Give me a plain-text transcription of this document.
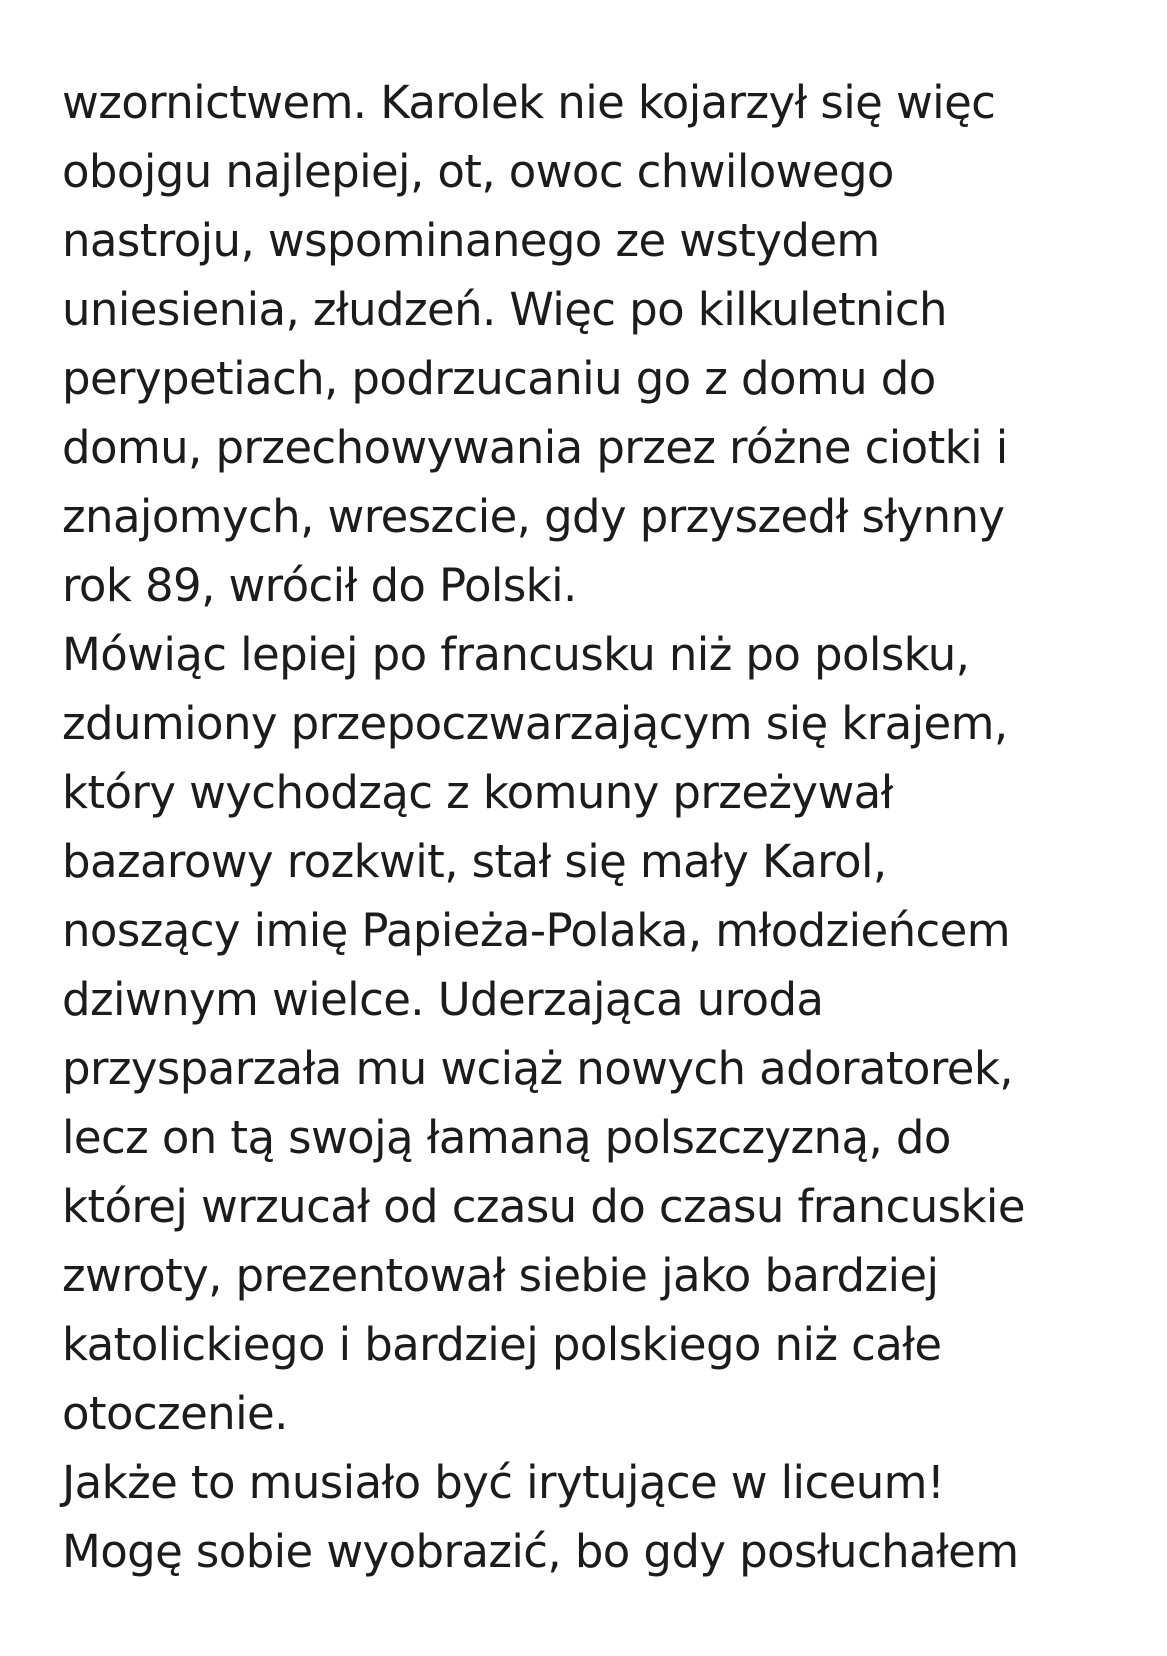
wzornictwem. Karolek nie kojarzył się więc
obojgu najlepiej, ot, owoc chwilowego
nastroju, wspominanego ze wstydem
uniesienia, złudzeń. Więc po kilkuletnich
perypetiach, podrzucaniu go z domu do
domu, przechowywania przez różne ciotki i
znajomych, wreszcie, gdy przyszedł słynny
rok 89, wrócił do Polski.
Mówiąc lepiej po francusku niż po polsku,
zdumiony przepoczwarzającym się krajem,
który wychodząc z komuny przeżywał
bazarowy rozkwit, stał się mały Karol,
noszący imię Papieża-Polaka, młodzieńcem
dziwnym wielce. Uderzająca uroda
przysparzała mu wciąż nowych adoratorek,
lecz on tą swoją łamaną polszczyzną, do
której wrzucał od czasu do czasu francuskie
zwroty, prezentował siebie jako bardziej
katolickiego i bardziej polskiego niż całe
otoczenie.
Jakże to musiało być irytujące w liceum!
Mogę sobie wyobrazić, bo gdy posłuchałem
